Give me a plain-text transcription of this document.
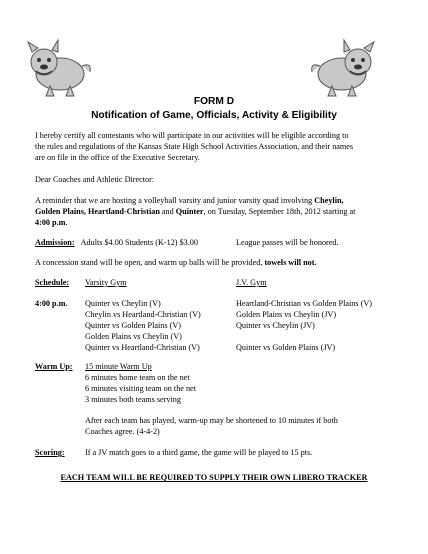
FORM D
Notification of Game, Officials, Activity & Eligibility
I hereby certify all contestants who will participate in our activities will be eligible according to
the rules and regulations of the Kansas State High School Activities Association, and their names
are on file in the office of the Executive Secretary.
Dear Coaches and Athletic Director:
A reminder that we are hosting a volleyball varsity and junior varsity quad involving Cheylin,
Golden Plains, Heartland-Christian and Quinter, on Tuesday, September 18th, 2012 starting at
4:00 p.m.
Admission: Adults $4.00 Students (K-12) $3.00	League passes will be honored.
A concession stand will be open, and warm up balls will be provided, towels will not.
Schedule: Varsity Gym	J.V. Gym
4:00 p.m. Quinter vs Cheylin (V)
Cheylin vs Heartland-Christian (V)
Quinter vs Golden Plains (V)
Golden Plains vs Cheylin (V)
Quinter vs Heartland-Christian (V)
Heartland-Christian vs Golden Plains (V)
Golden Plains vs Cheylin (JV)
Quinter vs Cheylin (JV)
Quinter vs Golden Plains (JV)
Warm Up: 15 minute Warm Up
6 minutes home team on the net
6 minutes visiting team on the net
3 minutes both teams serving
After each team has played, warm-up may be shortened to 10 minutes if both
Coaches agree. (4-4-2)
Scoring: If a JV match goes to a third game, the game will be played to 15 pts.
EACH TEAM WILL BE REQUIRED TO SUPPLY THEIR OWN LIBERO TRACKER
